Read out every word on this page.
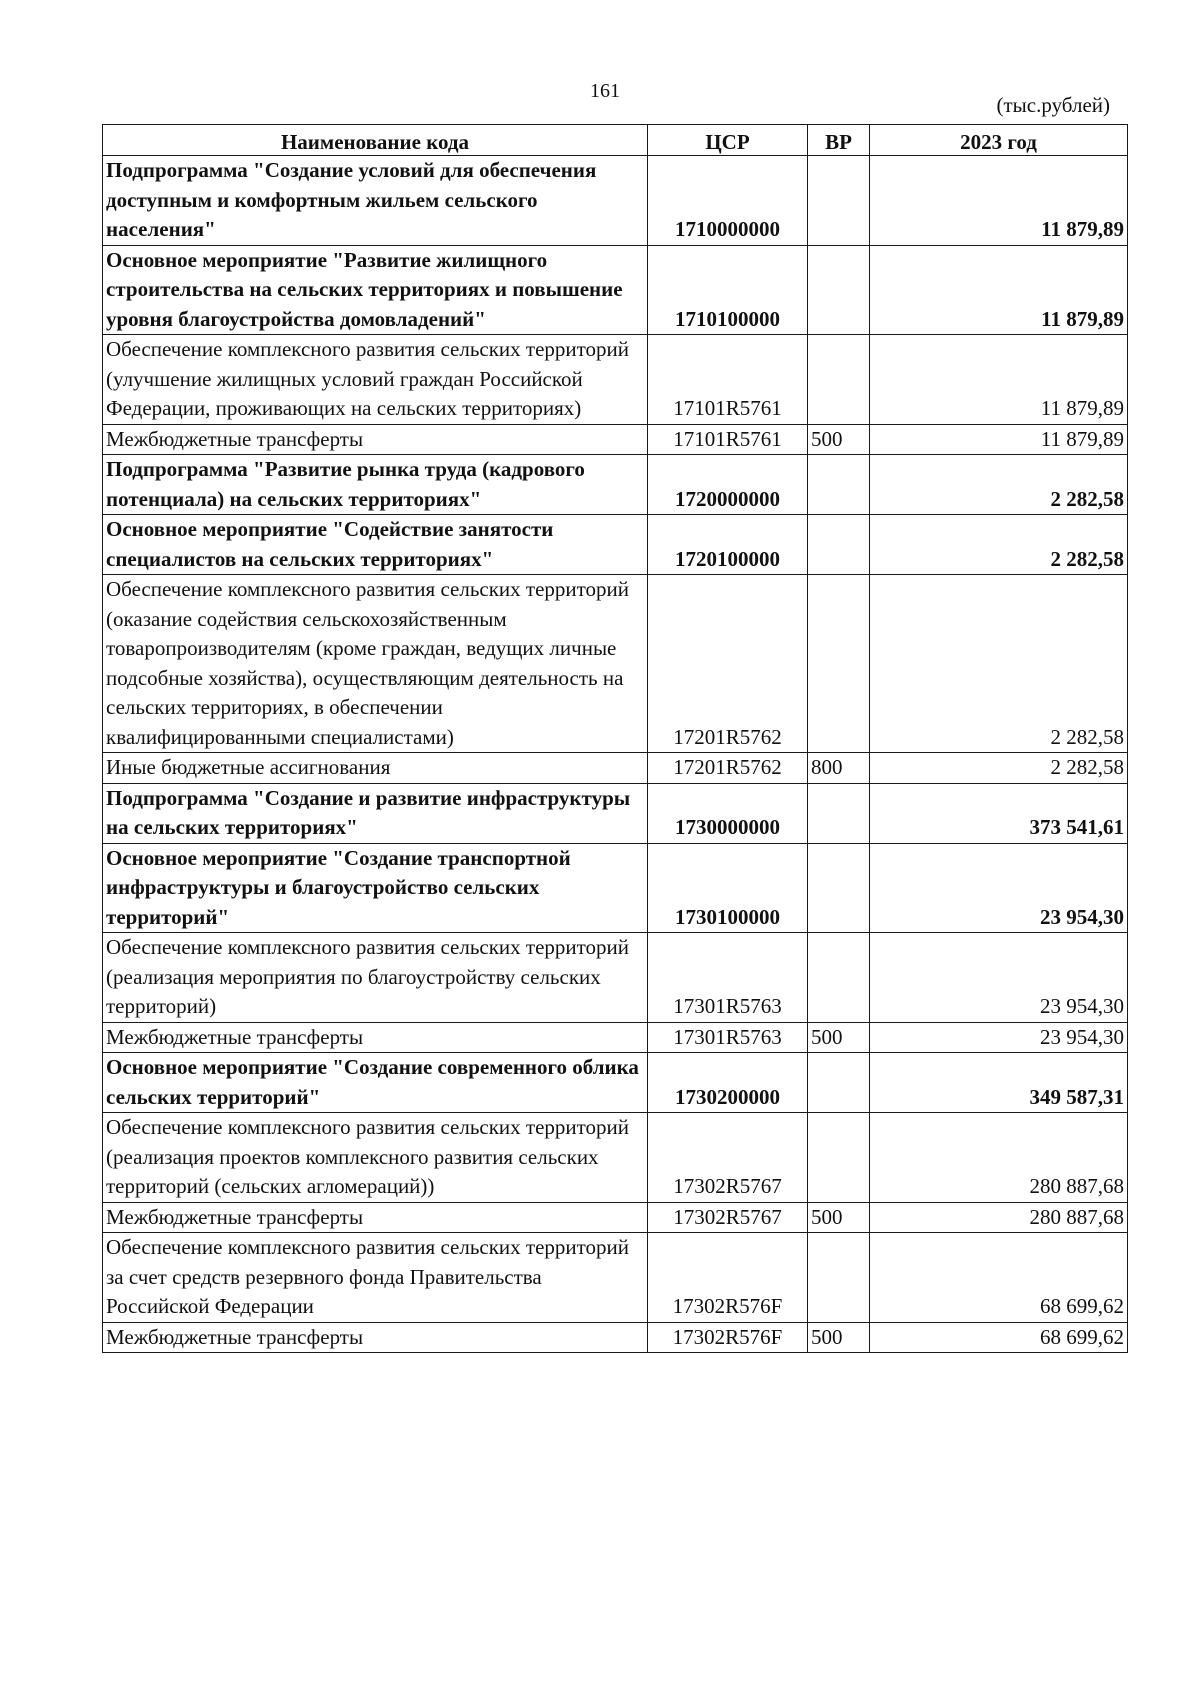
161
(тыс.рублей)
Наименование кода	ЦСР	ВР	2023 год
Подпрограмма "Создание условий для обеспечения доступным и комфортным жильем сельского населения"	1710000000		11 879,89
Основное мероприятие "Развитие жилищного строительства на сельских территориях и повышение уровня благоустройства домовладений"	1710100000		11 879,89
Обеспечение комплексного развития сельских территорий (улучшение жилищных условий граждан Российской Федерации, проживающих на сельских территориях)	17101R5761		11 879,89
Межбюджетные трансферты	17101R5761	500	11 879,89
Подпрограмма "Развитие рынка труда (кадрового потенциала) на сельских территориях"	1720000000		2 282,58
Основное мероприятие "Содействие занятости специалистов на сельских территориях"	1720100000		2 282,58
Обеспечение комплексного развития сельских территорий (оказание содействия сельскохозяйственным товаропроизводителям (кроме граждан, ведущих личные подсобные хозяйства), осуществляющим деятельность на сельских территориях, в обеспечении квалифицированными специалистами)	17201R5762		2 282,58
Иные бюджетные ассигнования	17201R5762	800	2 282,58
Подпрограмма "Создание и развитие инфраструктуры на сельских территориях"	1730000000		373 541,61
Основное мероприятие "Создание транспортной инфраструктуры и благоустройство сельских территорий"	1730100000		23 954,30
Обеспечение комплексного развития сельских территорий (реализация мероприятия по благоустройству сельских территорий)	17301R5763		23 954,30
Межбюджетные трансферты	17301R5763	500	23 954,30
Основное мероприятие "Создание современного облика сельских территорий"	1730200000		349 587,31
Обеспечение комплексного развития сельских территорий (реализация проектов комплексного развития сельских территорий (сельских агломераций))	17302R5767		280 887,68
Межбюджетные трансферты	17302R5767	500	280 887,68
Обеспечение комплексного развития сельских территорий за счет средств резервного фонда Правительства Российской Федерации	17302R576F		68 699,62
Межбюджетные трансферты	17302R576F	500	68 699,62
